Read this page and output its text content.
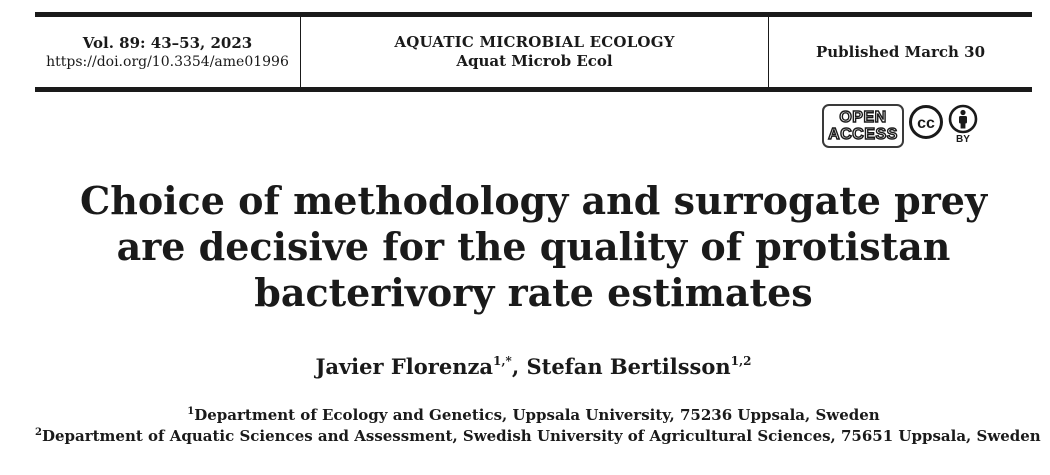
Vol. 89: 43–53, 2023
https://doi.org/10.3354/ame01996
AQUATIC MICROBIAL ECOLOGY
Aquat Microb Ecol	Published March 30
OPEN
ACCESS
cc
BY
Choice of methodology and surrogate prey
are decisive for the quality of protistan
bacterivory rate estimates
Javier Florenza$^{1,*}$, Stefan Bertilsson$^{1,2}$
$^1$Department of Ecology and Genetics, Uppsala University, 75236 Uppsala, Sweden
$^2$Department of Aquatic Sciences and Assessment, Swedish University of Agricultural Sciences, 75651 Uppsala, Sweden
